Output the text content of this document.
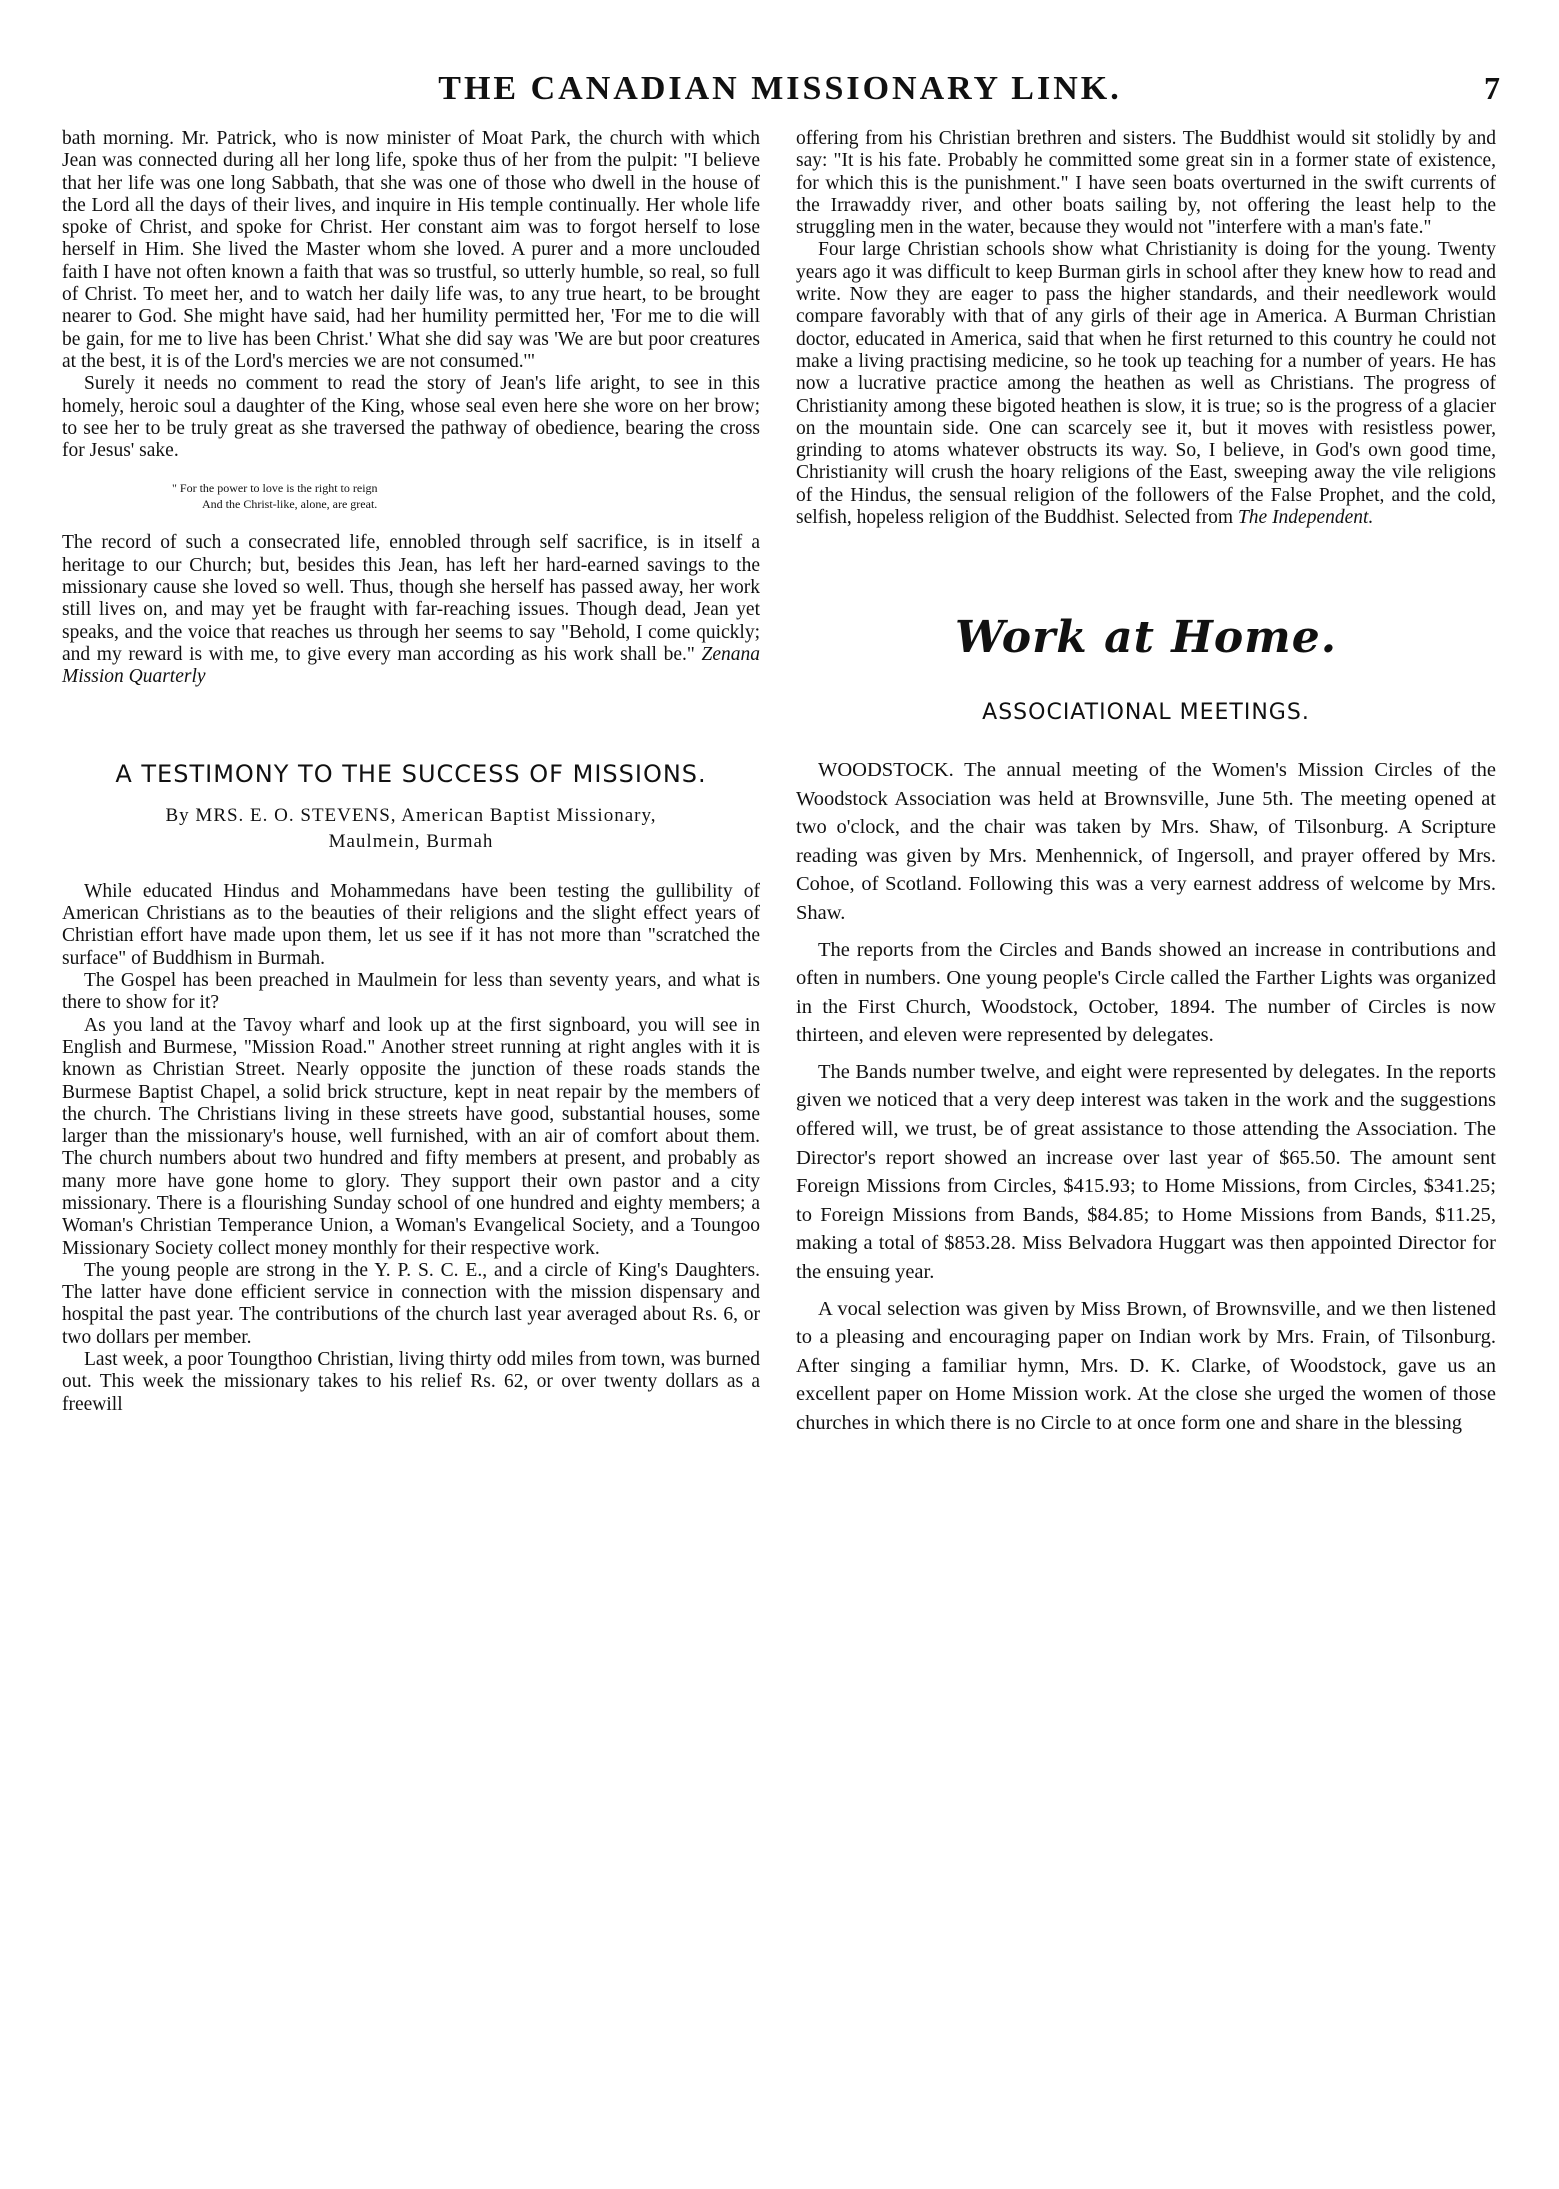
THE CANADIAN MISSIONARY LINK.	7

bath morning. Mr. Patrick, who is now minister of Moat Park, the church with which Jean was connected during all her long life, spoke thus of her from the pulpit: "I believe that her life was one long Sabbath, that she was one of those who dwell in the house of the Lord all the days of their lives, and inquire in His temple continually. Her whole life spoke of Christ, and spoke for Christ. Her constant aim was to forgot herself to lose herself in Him. She lived the Master whom she loved. A purer and a more unclouded faith I have not often known a faith that was so trustful, so utterly humble, so real, so full of Christ. To meet her, and to watch her daily life was, to any true heart, to be brought nearer to God. She might have said, had her humility permitted her, 'For me to die will be gain, for me to live has been Christ.' What she did say was 'We are but poor creatures at the best, it is of the Lord's mercies we are not consumed.'"

Surely it needs no comment to read the story of Jean's life aright, to see in this homely, heroic soul a daughter of the King, whose seal even here she wore on her brow; to see her to be truly great as she traversed the pathway of obedience, bearing the cross for Jesus' sake.

" For the power to love is the right to reign
And the Christ-like, alone, are great.

The record of such a consecrated life, ennobled through self sacrifice, is in itself a heritage to our Church; but, besides this Jean, has left her hard-earned savings to the missionary cause she loved so well. Thus, though she herself has passed away, her work still lives on, and may yet be fraught with far-reaching issues. Though dead, Jean yet speaks, and the voice that reaches us through her seems to say "Behold, I come quickly; and my reward is with me, to give every man according as his work shall be." Zenana Mission Quarterly

A TESTIMONY TO THE SUCCESS OF MISSIONS.
By MRS. E. O. STEVENS, American Baptist Missionary,
Maulmein, Burmah

While educated Hindus and Mohammedans have been testing the gullibility of American Christians as to the beauties of their religions and the slight effect years of Christian effort have made upon them, let us see if it has not more than "scratched the surface" of Buddhism in Burmah.

The Gospel has been preached in Maulmein for less than seventy years, and what is there to show for it?

As you land at the Tavoy wharf and look up at the first signboard, you will see in English and Burmese, "Mission Road." Another street running at right angles with it is known as Christian Street. Nearly opposite the junction of these roads stands the Burmese Baptist Chapel, a solid brick structure, kept in neat repair by the members of the church. The Christians living in these streets have good, substantial houses, some larger than the missionary's house, well furnished, with an air of comfort about them. The church numbers about two hundred and fifty members at present, and probably as many more have gone home to glory. They support their own pastor and a city missionary. There is a flourishing Sunday school of one hundred and eighty members; a Woman's Christian Temperance Union, a Woman's Evangelical Society, and a Toungoo Missionary Society collect money monthly for their respective work.

The young people are strong in the Y. P. S. C. E., and a circle of King's Daughters. The latter have done efficient service in connection with the mission dispensary and hospital the past year. The contributions of the church last year averaged about Rs. 6, or two dollars per member.

Last week, a poor Toungthoo Christian, living thirty odd miles from town, was burned out. This week the missionary takes to his relief Rs. 62, or over twenty dollars as a freewill

offering from his Christian brethren and sisters. The Buddhist would sit stolidly by and say: "It is his fate. Probably he committed some great sin in a former state of existence, for which this is the punishment." I have seen boats overturned in the swift currents of the Irrawaddy river, and other boats sailing by, not offering the least help to the struggling men in the water, because they would not "interfere with a man's fate."

Four large Christian schools show what Christianity is doing for the young. Twenty years ago it was difficult to keep Burman girls in school after they knew how to read and write. Now they are eager to pass the higher standards, and their needlework would compare favorably with that of any girls of their age in America. A Burman Christian doctor, educated in America, said that when he first returned to this country he could not make a living practising medicine, so he took up teaching for a number of years. He has now a lucrative practice among the heathen as well as Christians. The progress of Christianity among these bigoted heathen is slow, it is true; so is the progress of a glacier on the mountain side. One can scarcely see it, but it moves with resistless power, grinding to atoms whatever obstructs its way. So, I believe, in God's own good time, Christianity will crush the hoary religions of the East, sweeping away the vile religions of the Hindus, the sensual religion of the followers of the False Prophet, and the cold, selfish, hopeless religion of the Buddhist. Selected from The Independent.

Work at Home.
ASSOCIATIONAL MEETINGS.

WOODSTOCK. The annual meeting of the Women's Mission Circles of the Woodstock Association was held at Brownsville, June 5th. The meeting opened at two o'clock, and the chair was taken by Mrs. Shaw, of Tilsonburg. A Scripture reading was given by Mrs. Menhennick, of Ingersoll, and prayer offered by Mrs. Cohoe, of Scotland. Following this was a very earnest address of welcome by Mrs. Shaw.

The reports from the Circles and Bands showed an increase in contributions and often in numbers. One young people's Circle called the Farther Lights was organized in the First Church, Woodstock, October, 1894. The number of Circles is now thirteen, and eleven were represented by delegates.

The Bands number twelve, and eight were represented by delegates. In the reports given we noticed that a very deep interest was taken in the work and the suggestions offered will, we trust, be of great assistance to those attending the Association. The Director's report showed an increase over last year of $65.50. The amount sent Foreign Missions from Circles, $415.93; to Home Missions, from Circles, $341.25; to Foreign Missions from Bands, $84.85; to Home Missions from Bands, $11.25, making a total of $853.28. Miss Belvadora Huggart was then appointed Director for the ensuing year.

A vocal selection was given by Miss Brown, of Brownsville, and we then listened to a pleasing and encouraging paper on Indian work by Mrs. Frain, of Tilsonburg. After singing a familiar hymn, Mrs. D. K. Clarke, of Woodstock, gave us an excellent paper on Home Mission work. At the close she urged the women of those churches in which there is no Circle to at once form one and share in the blessing
